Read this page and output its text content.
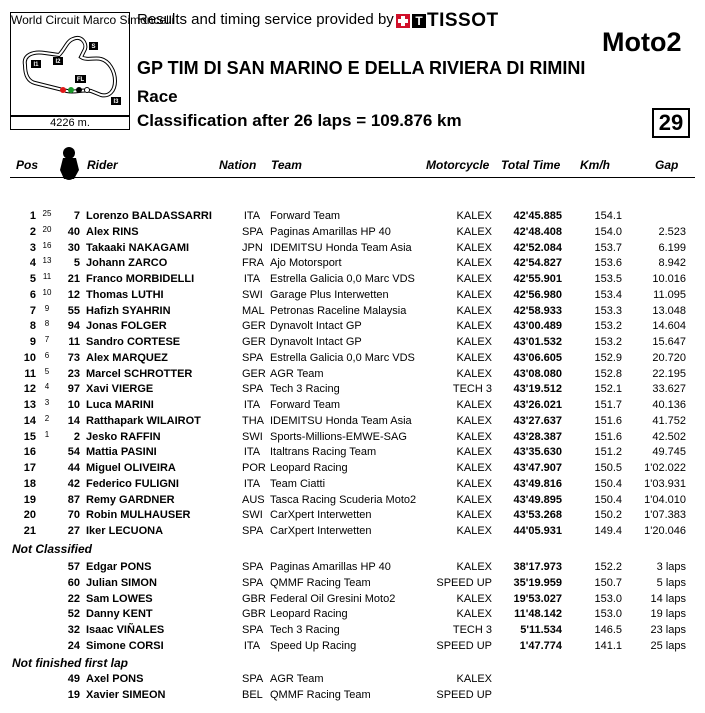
S
I1	I2
I3
FL
World Circuit Marco Simoncelli
4226 m.
Results and timing service provided by T TISSOT
Moto2
GP TIM DI SAN MARINO E DELLA RIVIERA DI RIMINI
Race
Classification after 26 laps = 109.876 km	29
Pos	Rider	Nation Team	Motorcycle Total Time Km/h	Gap
1 25	7 Lorenzo BALDASSARRI	ITA Forward Team	KALEX	42'45.885	154.1
2 20	40 Alex RINS	SPA Paginas Amarillas HP 40	KALEX	42'48.408	154.0	2.523
3 16	30 Takaaki NAKAGAMI	JPN IDEMITSU Honda Team Asia	KALEX	42'52.084	153.7	6.199
4 13	5 Johann ZARCO	FRA Ajo Motorsport	KALEX	42'54.827	153.6	8.942
5 11	21 Franco MORBIDELLI	ITA Estrella Galicia 0,0 Marc VDS	KALEX	42'55.901	153.5	10.016
6 10	12 Thomas LUTHI	SWI Garage Plus Interwetten	KALEX	42'56.980	153.4	11.095
7	9	55 Hafizh SYAHRIN	MAL Petronas Raceline Malaysia	KALEX	42'58.933	153.3	13.048
8	8	94 Jonas FOLGER	GER Dynavolt Intact GP	KALEX	43'00.489	153.2	14.604
9	7	11 Sandro CORTESE	GER Dynavolt Intact GP	KALEX	43'01.532	153.2	15.647
10	6	73 Alex MARQUEZ	SPA Estrella Galicia 0,0 Marc VDS	KALEX	43'06.605	152.9	20.720
11	5	23 Marcel SCHROTTER	GER AGR Team	KALEX	43'08.080	152.8	22.195
12	4	97 Xavi VIERGE	SPA Tech 3 Racing	TECH 3	43'19.512	152.1	33.627
13	3	10 Luca MARINI	ITA Forward Team	KALEX	43'26.021	151.7	40.136
14	2	14 Ratthapark WILAIROT	THA IDEMITSU Honda Team Asia	KALEX	43'27.637	151.6	41.752
15	1	2 Jesko RAFFIN	SWI Sports-Millions-EMWE-SAG	KALEX	43'28.387	151.6	42.502
16	54 Mattia PASINI	ITA Italtrans Racing Team	KALEX	43'35.630	151.2	49.745
17	44 Miguel OLIVEIRA	POR Leopard Racing	KALEX	43'47.907	150.5	1'02.022
18	42 Federico FULIGNI	ITA Team Ciatti	KALEX	43'49.816	150.4	1'03.931
19	87 Remy GARDNER	AUS Tasca Racing Scuderia Moto2	KALEX	43'49.895	150.4	1'04.010
20	70 Robin MULHAUSER	SWI CarXpert Interwetten	KALEX	43'53.268	150.2	1'07.383
21	27 Iker LECUONA	SPA CarXpert Interwetten	KALEX	44'05.931	149.4	1'20.046
Not Classified
57 Edgar PONS	SPA Paginas Amarillas HP 40	KALEX	38'17.973	152.2	3 laps
60 Julian SIMON	SPA QMMF Racing Team	SPEED UP	35'19.959	150.7	5 laps
22 Sam LOWES	GBR Federal Oil Gresini Moto2	KALEX	19'53.027	153.0	14 laps
52 Danny KENT	GBR Leopard Racing	KALEX	11'48.142	153.0	19 laps
32 Isaac VIÑALES	SPA Tech 3 Racing	TECH 3	5'11.534	146.5	23 laps
24 Simone CORSI	ITA Speed Up Racing	SPEED UP	1'47.774	141.1	25 laps
Not finished first lap
49 Axel PONS	SPA AGR Team	KALEX
19 Xavier SIMEON	BEL QMMF Racing Team	SPEED UP
